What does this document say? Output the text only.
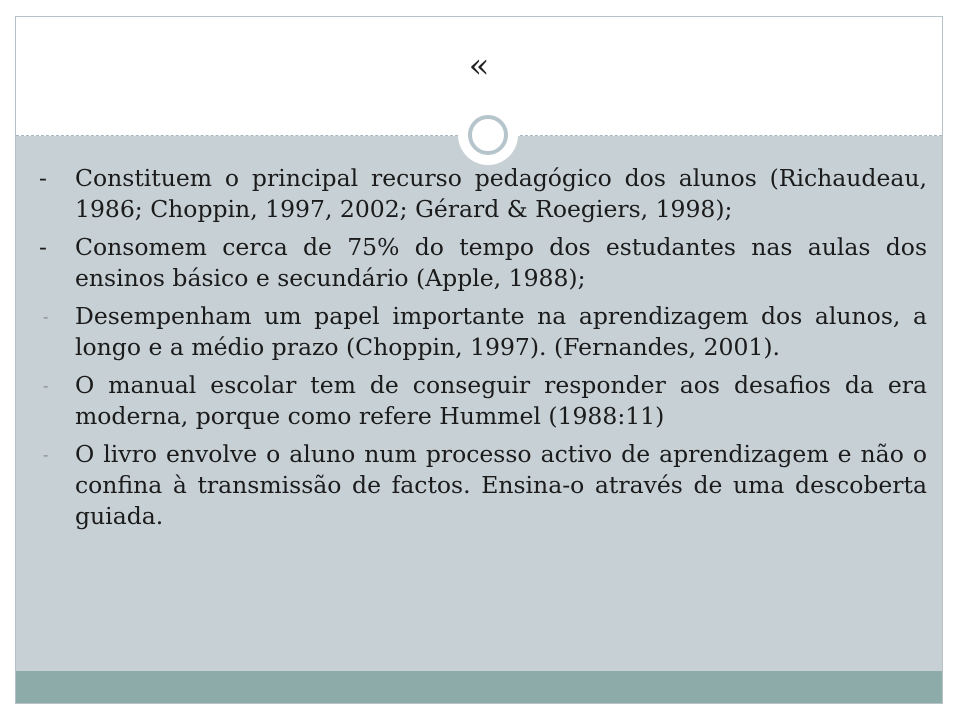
«
-	Constituem o principal recurso pedagógico dos alunos (Richaudeau, 1986; Choppin, 1997, 2002; Gérard & Roegiers, 1998);
-	Consomem cerca de 75% do tempo dos estudantes nas aulas dos ensinos básico e secundário (Apple, 1988);
-	Desempenham um papel importante na aprendizagem dos alunos, a longo e a médio prazo (Choppin, 1997). (Fernandes, 2001).
-	O manual escolar tem de conseguir responder aos desafios da era moderna, porque como refere Hummel (1988:11)
-	O livro envolve o aluno num processo activo de aprendizagem e não o confina à transmissão de factos. Ensina-o através de uma descoberta guiada.
